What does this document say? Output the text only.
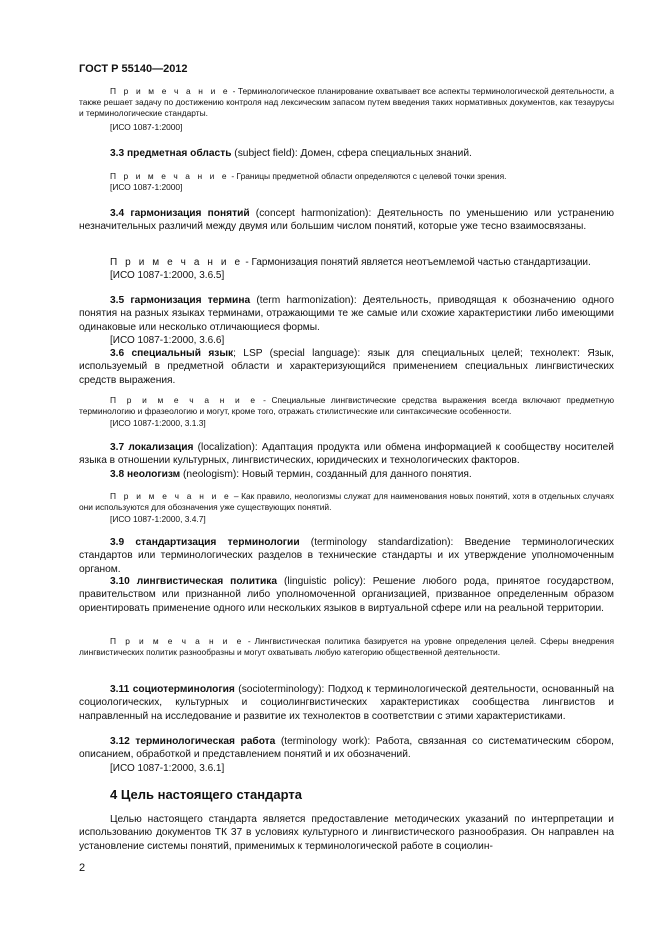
ГОСТ Р 55140—2012
П р и м е ч а н и е - Терминологическое планирование охватывает все аспекты терминологической деятельности, а также решает задачу по достижению контроля над лексическим запасом путем введения таких нормативных документов, как тезаурусы и терминологические стандарты.
[ИСО 1087-1:2000]
3.3 предметная область (subject field): Домен, сфера специальных знаний.
П р и м е ч а н и е - Границы предметной области определяются с целевой точки зрения.
[ИСО 1087-1:2000]
3.4 гармонизация понятий (concept harmonization): Деятельность по уменьшению или устранению незначительных различий между двумя или большим числом понятий, которые уже тесно взаимосвязаны.
П р и м е ч а н и е - Гармонизация понятий является неотъемлемой частью стандартизации.
[ИСО 1087-1:2000, 3.6.5]
3.5 гармонизация термина (term harmonization): Деятельность, приводящая к обозначению одного понятия на разных языках терминами, отражающими те же самые или схожие характеристики либо имеющими одинаковые или несколько отличающиеся формы.
[ИСО 1087-1:2000, 3.6.6]
3.6 специальный язык; LSP (special language): язык для специальных целей; технолект: Язык, используемый в предметной области и характеризующийся применением специальных лингвистических средств выражения.
П р и м е ч а н и е - Специальные лингвистические средства выражения всегда включают предметную терминологию и фразеологию и могут, кроме того, отражать стилистические или синтаксические особенности.
[ИСО 1087-1:2000, 3.1.3]
3.7 локализация (localization): Адаптация продукта или обмена информацией к сообществу носителей языка в отношении культурных, лингвистических, юридических и технологических факторов.
3.8 неологизм (neologism): Новый термин, созданный для данного понятия.
П р и м е ч а н и е – Как правило, неологизмы служат для наименования новых понятий, хотя в отдельных случаях они используются для обозначения уже существующих понятий.
[ИСО 1087-1:2000, 3.4.7]
3.9 стандартизация терминологии (terminology standardization): Введение терминологических стандартов или терминологических разделов в технические стандарты и их утверждение уполномоченным органом.
3.10 лингвистическая политика (linguistic policy): Решение любого рода, принятое государством, правительством или признанной либо уполномоченной организацией, призванное определенным образом ориентировать применение одного или нескольких языков в виртуальной сфере или на реальной территории.
П р и м е ч а н и е - Лингвистическая политика базируется на уровне определения целей. Сферы внедрения лингвистических политик разнообразны и могут охватывать любую категорию общественной деятельности.
3.11 социотерминология (socioterminology): Подход к терминологической деятельности, основанный на социологических, культурных и социолингвистических характеристиках сообщества лингвистов и направленный на исследование и развитие их технолектов в соответствии с этими характеристиками.
3.12 терминологическая работа (terminology work): Работа, связанная со систематическим сбором, описанием, обработкой и представлением понятий и их обозначений.
[ИСО 1087-1:2000, 3.6.1]
4 Цель настоящего стандарта
Целью настоящего стандарта является предоставление методических указаний по интерпретации и использованию документов ТК 37 в условиях культурного и лингвистического разнообразия. Он направлен на установление системы понятий, применимых к терминологической работе в социолин-
2
